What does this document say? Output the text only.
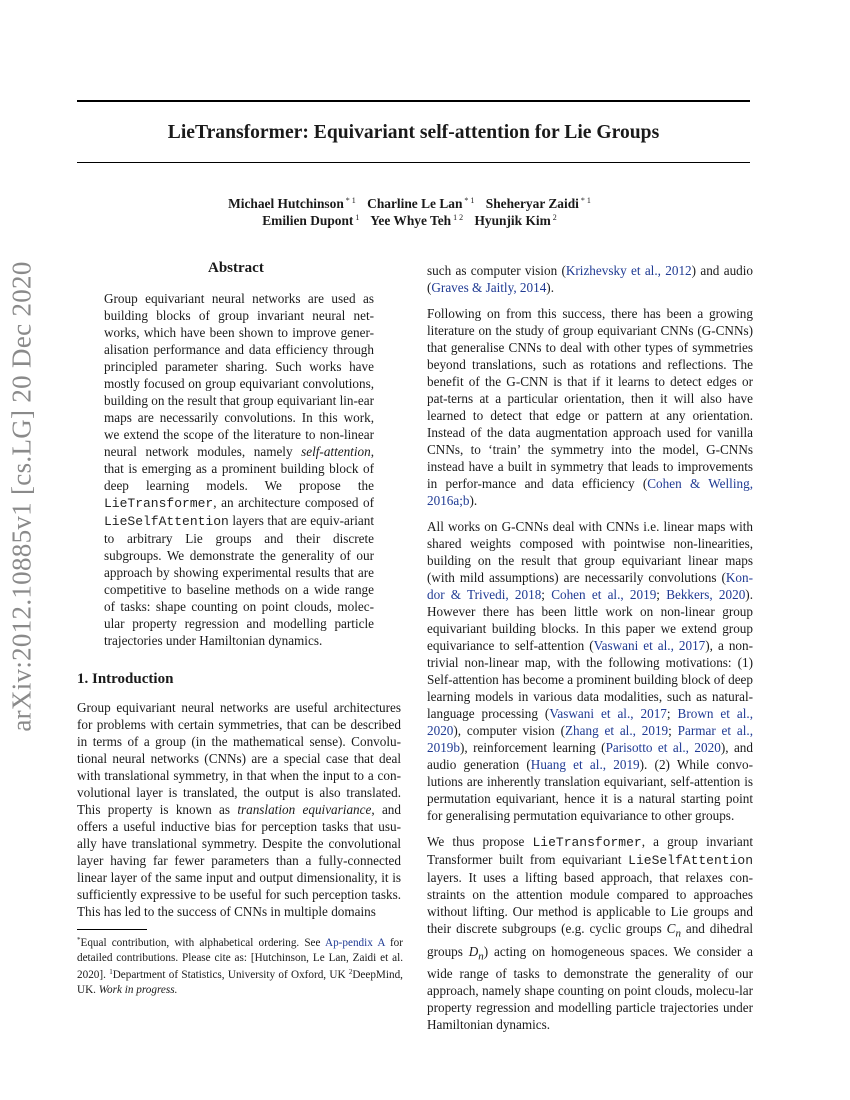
arXiv:2012.10885v1 [cs.LG] 20 Dec 2020
LieTransformer: Equivariant self-attention for Lie Groups
Michael Hutchinson $^{* 1}$ Charline Le Lan $^{* 1}$ Sheheryar Zaidi $^{* 1}$
Emilien Dupont $^1$ Yee Whye Teh $^{1 2}$ Hyunjik Kim $^2$
Abstract
Group equivariant neural networks are used as building blocks of group invariant neural net-works, which have been shown to improve gener-alisation performance and data efficiency through principled parameter sharing. Such works have mostly focused on group equivariant convolutions, building on the result that group equivariant lin-ear maps are necessarily convolutions. In this work, we extend the scope of the literature to non-linear neural network modules, namely self-attention, that is emerging as a prominent building block of deep learning models. We propose the LieTransformer, an architecture composed of LieSelfAttention layers that are equiv-ariant to arbitrary Lie groups and their discrete subgroups. We demonstrate the generality of our approach by showing experimental results that are competitive to baseline methods on a wide range of tasks: shape counting on point clouds, molec-ular property regression and modelling particle trajectories under Hamiltonian dynamics.
1. Introduction
Group equivariant neural networks are useful architectures for problems with certain symmetries, that can be described in terms of a group (in the mathematical sense). Convolu-tional neural networks (CNNs) are a special case that deal with translational symmetry, in that when the input to a con-volutional layer is translated, the output is also translated. This property is known as translation equivariance, and offers a useful inductive bias for perception tasks that usu-ally have translational symmetry. Despite the convolutional layer having far fewer parameters than a fully-connected linear layer of the same input and output dimensionality, it is sufficiently expressive to be useful for such perception tasks. This has led to the success of CNNs in multiple domains
*Equal contribution, with alphabetical ordering. See Ap-pendix A for detailed contributions. Please cite as: [Hutchinson, Le Lan, Zaidi et al. 2020]. $^1$Department of Statistics, University of Oxford, UK $^2$DeepMind, UK. Work in progress.

such as computer vision (Krizhevsky et al., 2012) and audio (Graves & Jaitly, 2014).

Following on from this success, there has been a growing literature on the study of group equivariant CNNs (G-CNNs) that generalise CNNs to deal with other types of symmetries beyond translations, such as rotations and reflections. The benefit of the G-CNN is that if it learns to detect edges or pat-terns at a particular orientation, then it will also have learned to detect that edge or pattern at any orientation. Instead of the data augmentation approach used for vanilla CNNs, to ‘train’ the symmetry into the model, G-CNNs instead have a built in symmetry that leads to improvements in perfor-mance and data efficiency (Cohen & Welling, 2016a;b).

All works on G-CNNs deal with CNNs i.e. linear maps with shared weights composed with pointwise non-linearities, building on the result that group equivariant linear maps (with mild assumptions) are necessarily convolutions (Kon-dor & Trivedi, 2018; Cohen et al., 2019; Bekkers, 2020). However there has been little work on non-linear group equivariant building blocks. In this paper we extend group equivariance to self-attention (Vaswani et al., 2017), a non-trivial non-linear map, with the following motivations: (1) Self-attention has become a prominent building block of deep learning models in various data modalities, such as natural-language processing (Vaswani et al., 2017; Brown et al., 2020), computer vision (Zhang et al., 2019; Parmar et al., 2019b), reinforcement learning (Parisotto et al., 2020), and audio generation (Huang et al., 2019). (2) While convo-lutions are inherently translation equivariant, self-attention is permutation equivariant, hence it is a natural starting point for generalising permutation equivariance to other groups.

We thus propose LieTransformer, a group invariant Transformer built from equivariant LieSelfAttention layers. It uses a lifting based approach, that relaxes con-straints on the attention module compared to approaches without lifting. Our method is applicable to Lie groups and their discrete subgroups (e.g. cyclic groups $C_n$ and dihedral groups $D_n$) acting on homogeneous spaces. We consider a wide range of tasks to demonstrate the generality of our approach, namely shape counting on point clouds, molecu-lar property regression and modelling particle trajectories under Hamiltonian dynamics.
